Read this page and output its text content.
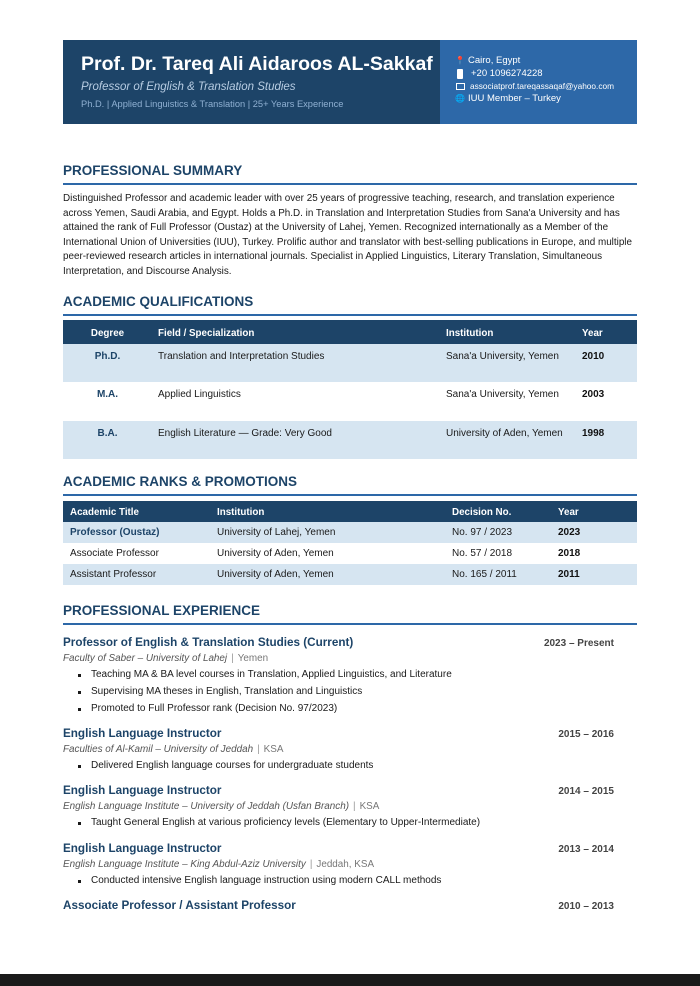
Prof. Dr. Tareq Ali Aidaroos AL-Sakkaf
Professor of English & Translation Studies
Ph.D. | Applied Linguistics & Translation | 25+ Years Experience
📍 Cairo, Egypt
+20 1096274228
associatprof.tareqassaqaf@yahoo.com
🌐 IUU Member – Turkey
PROFESSIONAL SUMMARY

Distinguished Professor and academic leader with over 25 years of progressive teaching, research, and translation experience across Yemen, Saudi Arabia, and Egypt. Holds a Ph.D. in Translation and Interpretation Studies from Sana'a University and has attained the rank of Full Professor (Oustaz) at the University of Lahej, Yemen. Recognized internationally as a Member of the International Union of Universities (IUU), Turkey. Prolific author and translator with best-selling publications in Europe, and multiple peer-reviewed research articles in international journals. Specialist in Applied Linguistics, Literary Translation, Simultaneous Interpretation, and Discourse Analysis.

ACADEMIC QUALIFICATIONS
Degree	Field / Specialization	Institution	Year
Ph.D.	Translation and Interpretation Studies	Sana'a University, Yemen	2010
M.A.	Applied Linguistics	Sana'a University, Yemen	2003
B.A.	English Literature — Grade: Very Good	University of Aden, Yemen	1998
ACADEMIC RANKS & PROMOTIONS
Academic Title	Institution	Decision No.	Year
Professor (Oustaz)	University of Lahej, Yemen	No. 97 / 2023	2023
Associate Professor	University of Aden, Yemen	No. 57 / 2018	2018
Assistant Professor	University of Aden, Yemen	No. 165 / 2011	2011
PROFESSIONAL EXPERIENCE
Professor of English & Translation Studies (Current)	2023 – Present
Faculty of Saber – University of Lahej | Yemen
Teaching MA & BA level courses in Translation, Applied Linguistics, and Literature
Supervising MA theses in English, Translation and Linguistics
Promoted to Full Professor rank (Decision No. 97/2023)
English Language Instructor	2015 – 2016
Faculties of Al-Kamil – University of Jeddah | KSA
Delivered English language courses for undergraduate students
English Language Instructor	2014 – 2015
English Language Institute – University of Jeddah (Usfan Branch) | KSA
Taught General English at various proficiency levels (Elementary to Upper-Intermediate)
English Language Instructor	2013 – 2014
English Language Institute – King Abdul-Aziz University | Jeddah, KSA
Conducted intensive English language instruction using modern CALL methods
Associate Professor / Assistant Professor	2010 – 2013
